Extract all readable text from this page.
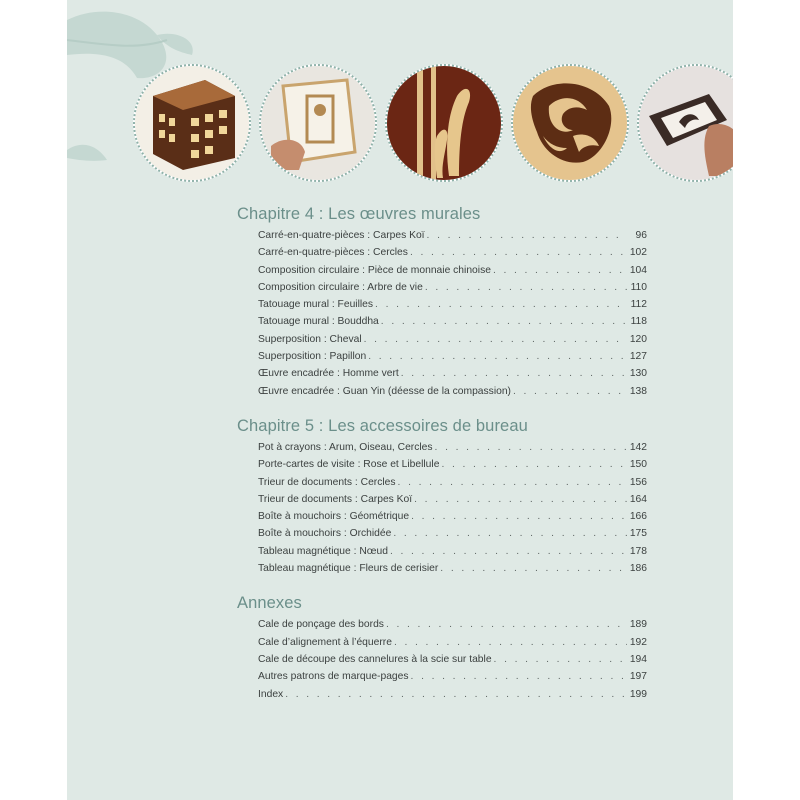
Chapitre 4 : Les œuvres murales
Carré-en-quatre-pièces : Carpes Koï . . .	96
Carré-en-quatre-pièces : Cercles . . .	102
Composition circulaire : Pièce de monnaie chinoise . . .	104
Composition circulaire : Arbre de vie . . .	110
Tatouage mural : Feuilles . . .	112
Tatouage mural : Bouddha . . .	118
Superposition : Cheval . . .	120
Superposition : Papillon . . .	127
Œuvre encadrée : Homme vert . . .	130
Œuvre encadrée : Guan Yin (déesse de la compassion) . . .	138
Chapitre 5 : Les accessoires de bureau
Pot à crayons : Arum, Oiseau, Cercles . . .	142
Porte-cartes de visite : Rose et Libellule . . .	150
Trieur de documents : Cercles . . .	156
Trieur de documents : Carpes Koï . . .	164
Boîte à mouchoirs : Géométrique . . .	166
Boîte à mouchoirs : Orchidée . . .	175
Tableau magnétique : Nœud . . .	178
Tableau magnétique : Fleurs de cerisier . . .	186
Annexes
Cale de ponçage des bords . . .	189
Cale d’alignement à l’équerre . . .	192
Cale de découpe des cannelures à la scie sur table . . .	194
Autres patrons de marque-pages . . .	197
Index . . .	199
